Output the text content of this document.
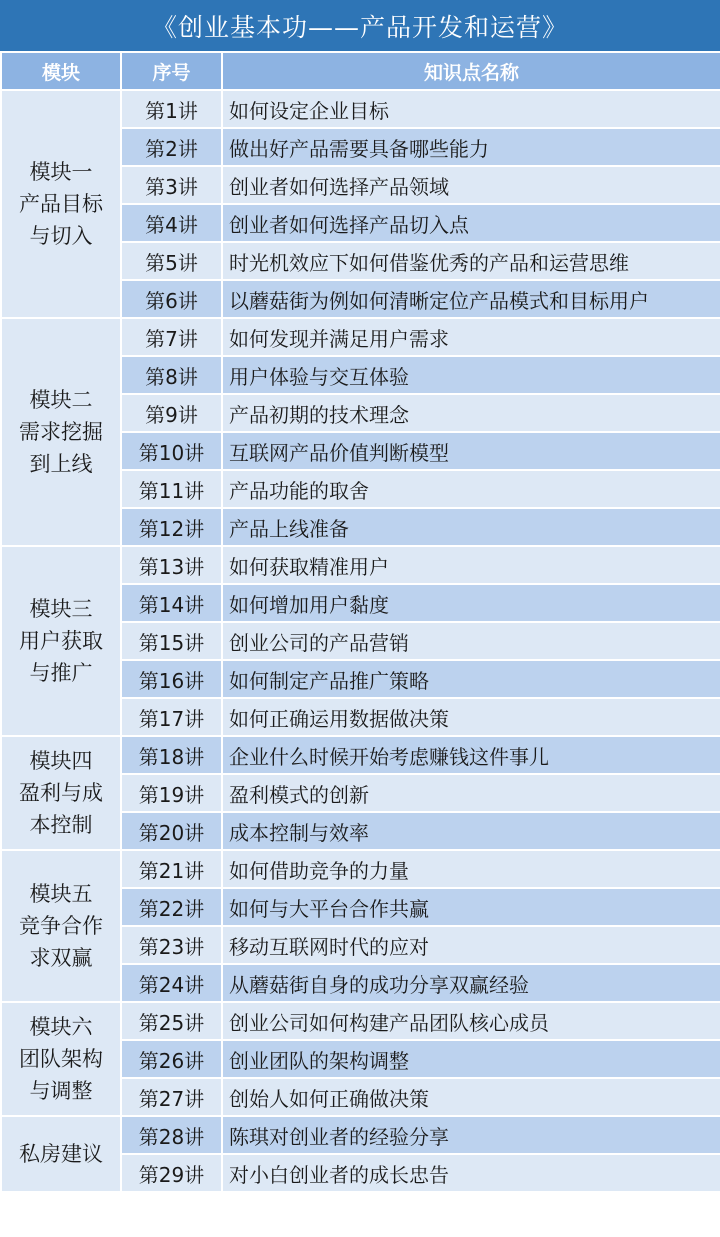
《创业基本功——产品开发和运营》
模块	序号	知识点名称

模块一
产品目标
与切入	第1讲	如何设定企业目标
	第2讲	做出好产品需要具备哪些能力
	第3讲	创业者如何选择产品领域
	第4讲	创业者如何选择产品切入点
	第5讲	时光机效应下如何借鉴优秀的产品和运营思维
	第6讲	以蘑菇街为例如何清晰定位产品模式和目标用户

模块二
需求挖掘
到上线	第7讲	如何发现并满足用户需求
	第8讲	用户体验与交互体验
	第9讲	产品初期的技术理念
	第10讲	互联网产品价值判断模型
	第11讲	产品功能的取舍
	第12讲	产品上线准备

模块三
用户获取
与推广	第13讲	如何获取精准用户
	第14讲	如何增加用户黏度
	第15讲	创业公司的产品营销
	第16讲	如何制定产品推广策略
	第17讲	如何正确运用数据做决策

模块四
盈利与成
本控制	第18讲	企业什么时候开始考虑赚钱这件事儿
	第19讲	盈利模式的创新
	第20讲	成本控制与效率

模块五
竞争合作
求双赢	第21讲	如何借助竞争的力量
	第22讲	如何与大平台合作共赢
	第23讲	移动互联网时代的应对
	第24讲	从蘑菇街自身的成功分享双赢经验

模块六
团队架构
与调整	第25讲	创业公司如何构建产品团队核心成员
	第26讲	创业团队的架构调整
	第27讲	创始人如何正确做决策

私房建议	第28讲	陈琪对创业者的经验分享
	第29讲	对小白创业者的成长忠告
